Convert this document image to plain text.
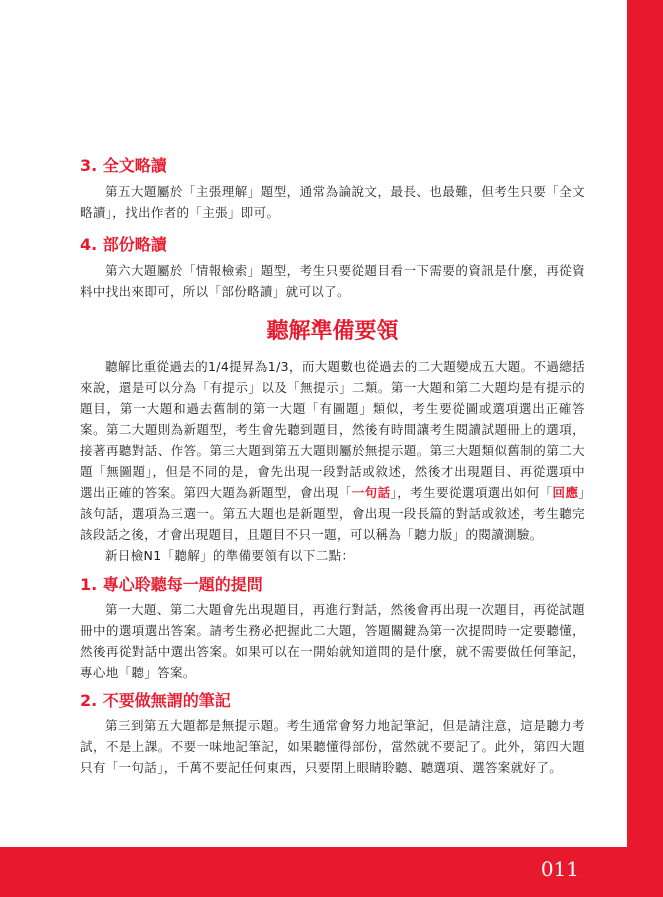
011
3. 全文略讀

第五大題屬於「主張理解」題型，通常為論說文，最長、也最難，但考生只要「全文略讀」，找出作者的「主張」即可。

4. 部份略讀

第六大題屬於「情報檢索」題型，考生只要從題目看一下需要的資訊是什麼，再從資料中找出來即可，所以「部份略讀」就可以了。

聽解準備要領

聽解比重從過去的1/4提昇為1/3，而大題數也從過去的二大題變成五大題。不過總括來說，還是可以分為「有提示」以及「無提示」二類。第一大題和第二大題均是有提示的題目，第一大題和過去舊制的第一大題「有圖題」類似，考生要從圖或選項選出正確答案。第二大題則為新題型，考生會先聽到題目，然後有時間讓考生閱讀試題冊上的選項，接著再聽對話、作答。第三大題到第五大題則屬於無提示題。第三大題類似舊制的第二大題「無圖題」，但是不同的是，會先出現一段對話或敘述，然後才出現題目、再從選項中選出正確的答案。第四大題為新題型，會出現「一句話」，考生要從選項選出如何「回應」該句話，選項為三選一。第五大題也是新題型，會出現一段長篇的對話或敘述，考生聽完該段話之後，才會出現題目，且題目不只一題，可以稱為「聽力版」的閱讀測驗。

新日檢N1「聽解」的準備要領有以下二點：

1. 專心聆聽每一題的提問

第一大題、第二大題會先出現題目，再進行對話，然後會再出現一次題目，再從試題冊中的選項選出答案。請考生務必把握此二大題，答題關鍵為第一次提問時一定要聽懂，然後再從對話中選出答案。如果可以在一開始就知道問的是什麼，就不需要做任何筆記，專心地「聽」答案。

2. 不要做無謂的筆記

第三到第五大題都是無提示題。考生通常會努力地記筆記，但是請注意，這是聽力考試，不是上課。不要一味地記筆記，如果聽懂得部份，當然就不要記了。此外，第四大題只有「一句話」，千萬不要記任何東西，只要閉上眼睛聆聽、聽選項、選答案就好了。
